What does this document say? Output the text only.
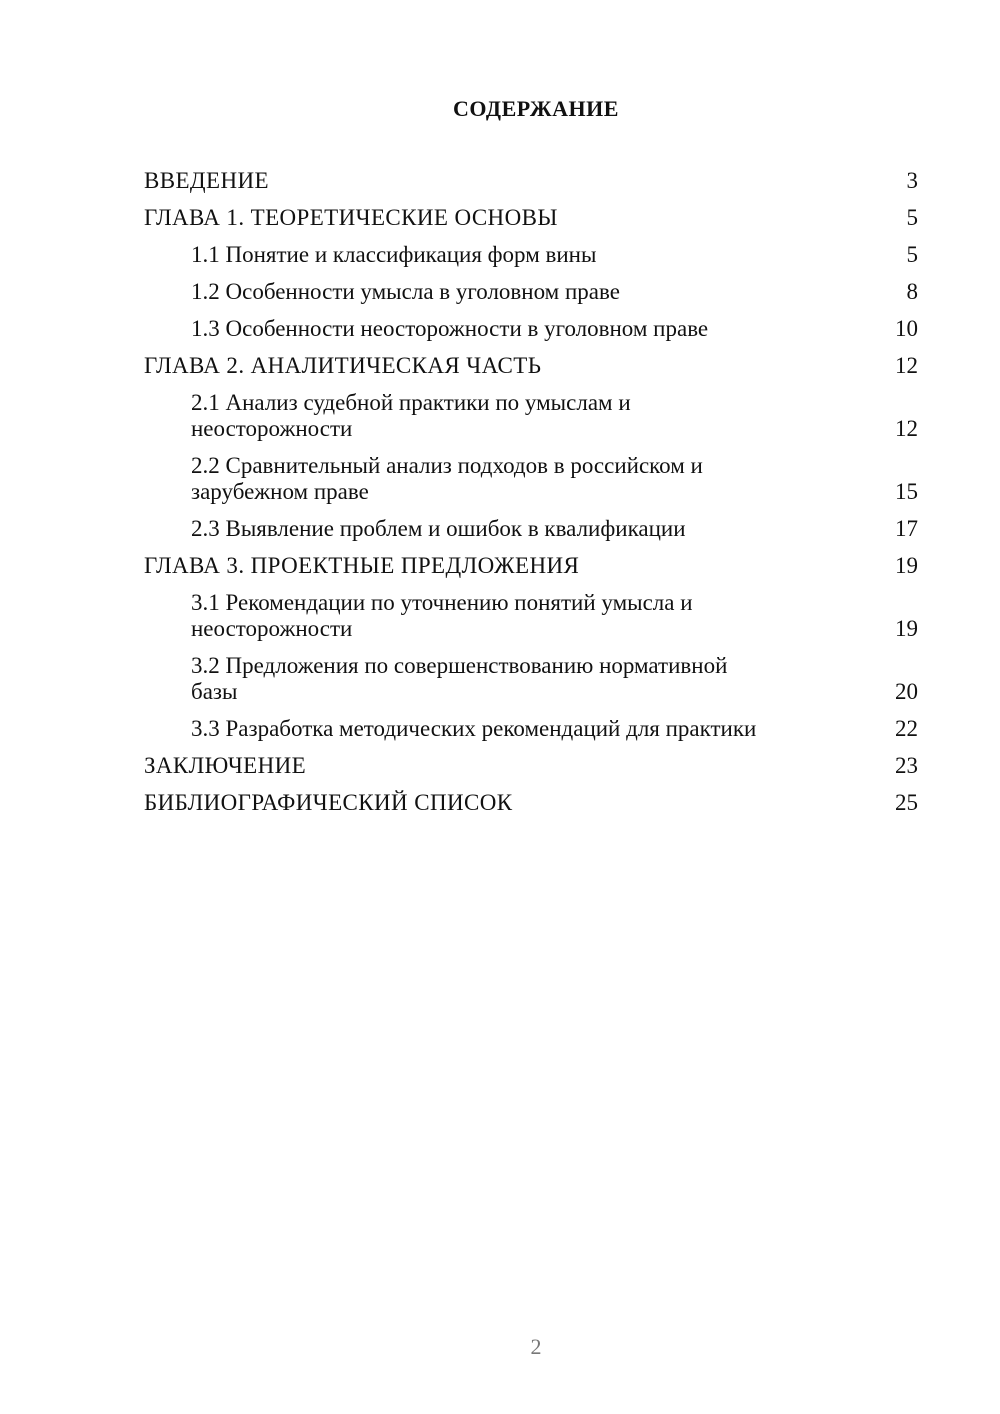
СОДЕРЖАНИЕ
ВВЕДЕНИЕ	3
ГЛАВА 1. ТЕОРЕТИЧЕСКИЕ ОСНОВЫ	5
1.1 Понятие и классификация форм вины	5
1.2 Особенности умысла в уголовном праве	8
1.3 Особенности неосторожности в уголовном праве	10
ГЛАВА 2. АНАЛИТИЧЕСКАЯ ЧАСТЬ	12
2.1 Анализ судебной практики по умыслам и
неосторожности	12
2.2 Сравнительный анализ подходов в российском и
зарубежном праве	15
2.3 Выявление проблем и ошибок в квалификации	17
ГЛАВА 3. ПРОЕКТНЫЕ ПРЕДЛОЖЕНИЯ	19
3.1 Рекомендации по уточнению понятий умысла и
неосторожности	19
3.2 Предложения по совершенствованию нормативной
базы	20
3.3 Разработка методических рекомендаций для практики	22
ЗАКЛЮЧЕНИЕ	23
БИБЛИОГРАФИЧЕСКИЙ СПИСОК	25
2
